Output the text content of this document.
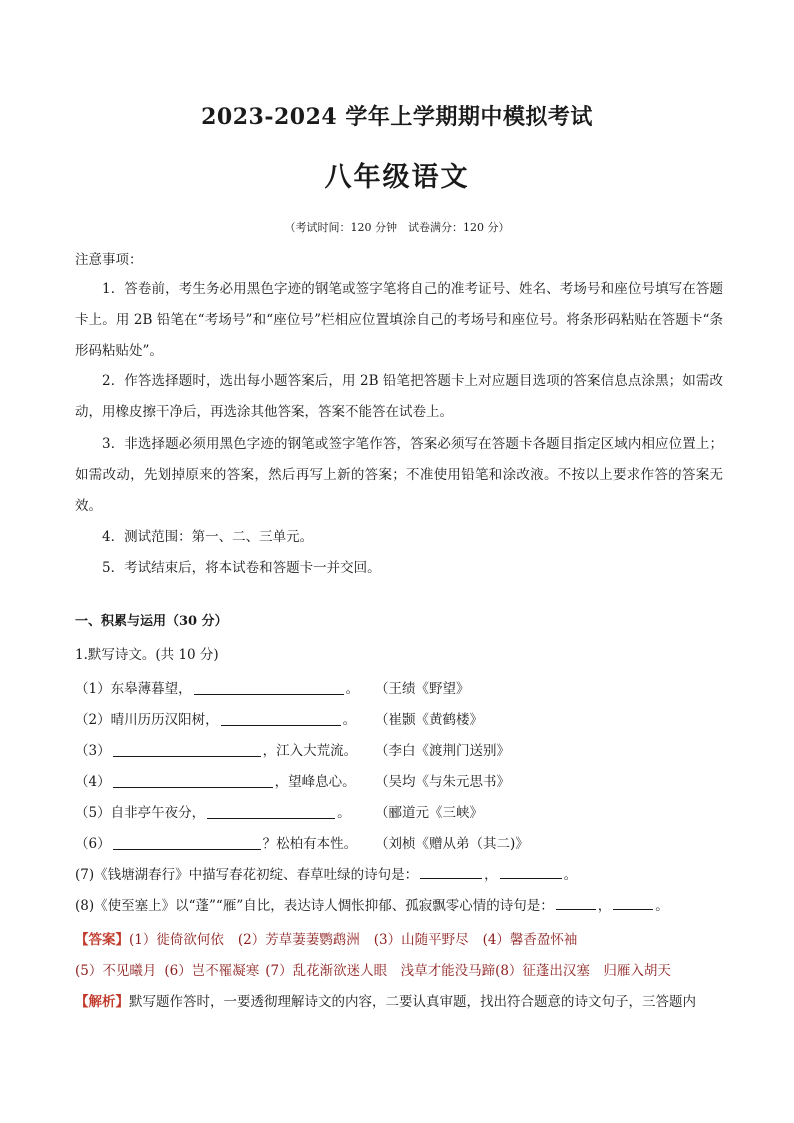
2023-2024 学年上学期期中模拟考试
八年级语文
（考试时间：120 分钟　试卷满分：120 分）
注意事项：
1．答卷前，考生务必用黑色字迹的钢笔或签字笔将自己的准考证号、姓名、考场号和座位号填写在答题卡上。用 2B 铅笔在“考场号”和“座位号”栏相应位置填涂自己的考场号和座位号。将条形码粘贴在答题卡“条形码粘贴处”。
2．作答选择题时，选出每小题答案后，用 2B 铅笔把答题卡上对应题目选项的答案信息点涂黑；如需改动，用橡皮擦干净后，再选涂其他答案，答案不能答在试卷上。
3．非选择题必须用黑色字迹的钢笔或签字笔作答，答案必须写在答题卡各题目指定区域内相应位置上；如需改动，先划掉原来的答案，然后再写上新的答案；不准使用铅笔和涂改液。不按以上要求作答的答案无效。
4．测试范围：第一、二、三单元。
5．考试结束后，将本试卷和答题卡一并交回。
一、积累与运用（30 分）
1.默写诗文。(共 10 分)
（1） 东皋薄暮望，	。 （王绩《野望》
（2） 晴川历历汉阳树，	。 （崔颢《黄鹤楼》
（3）	，江入大荒流。 （李白《渡荆门送别》
（4）	，望峰息心。 （吴均《与朱元思书》
（5） 自非亭午夜分，	。 （郦道元《三峡》
（6）	？松柏有本性。 （刘桢《赠从弟（其二)》
(7)《钱塘湖春行》中描写春花初绽、春草吐绿的诗句是：	，	。
(8)《使至塞上》以“蓬”“雁”自比，表达诗人惆怅抑郁、孤寂飘零心情的诗句是：	，	。
【答案】(1）徙倚欲何依 (2）芳草萋萋鹦鹉洲 (3）山随平野尽 (4）馨香盈怀袖
(5）不见曦月 (6）岂不罹凝寒 (7）乱花渐欲迷人眼　浅草才能没马蹄(8）征蓬出汉塞　归雁入胡天
【解析】默写题作答时，一要透彻理解诗文的内容，二要认真审题，找出符合题意的诗文句子，三答题内
